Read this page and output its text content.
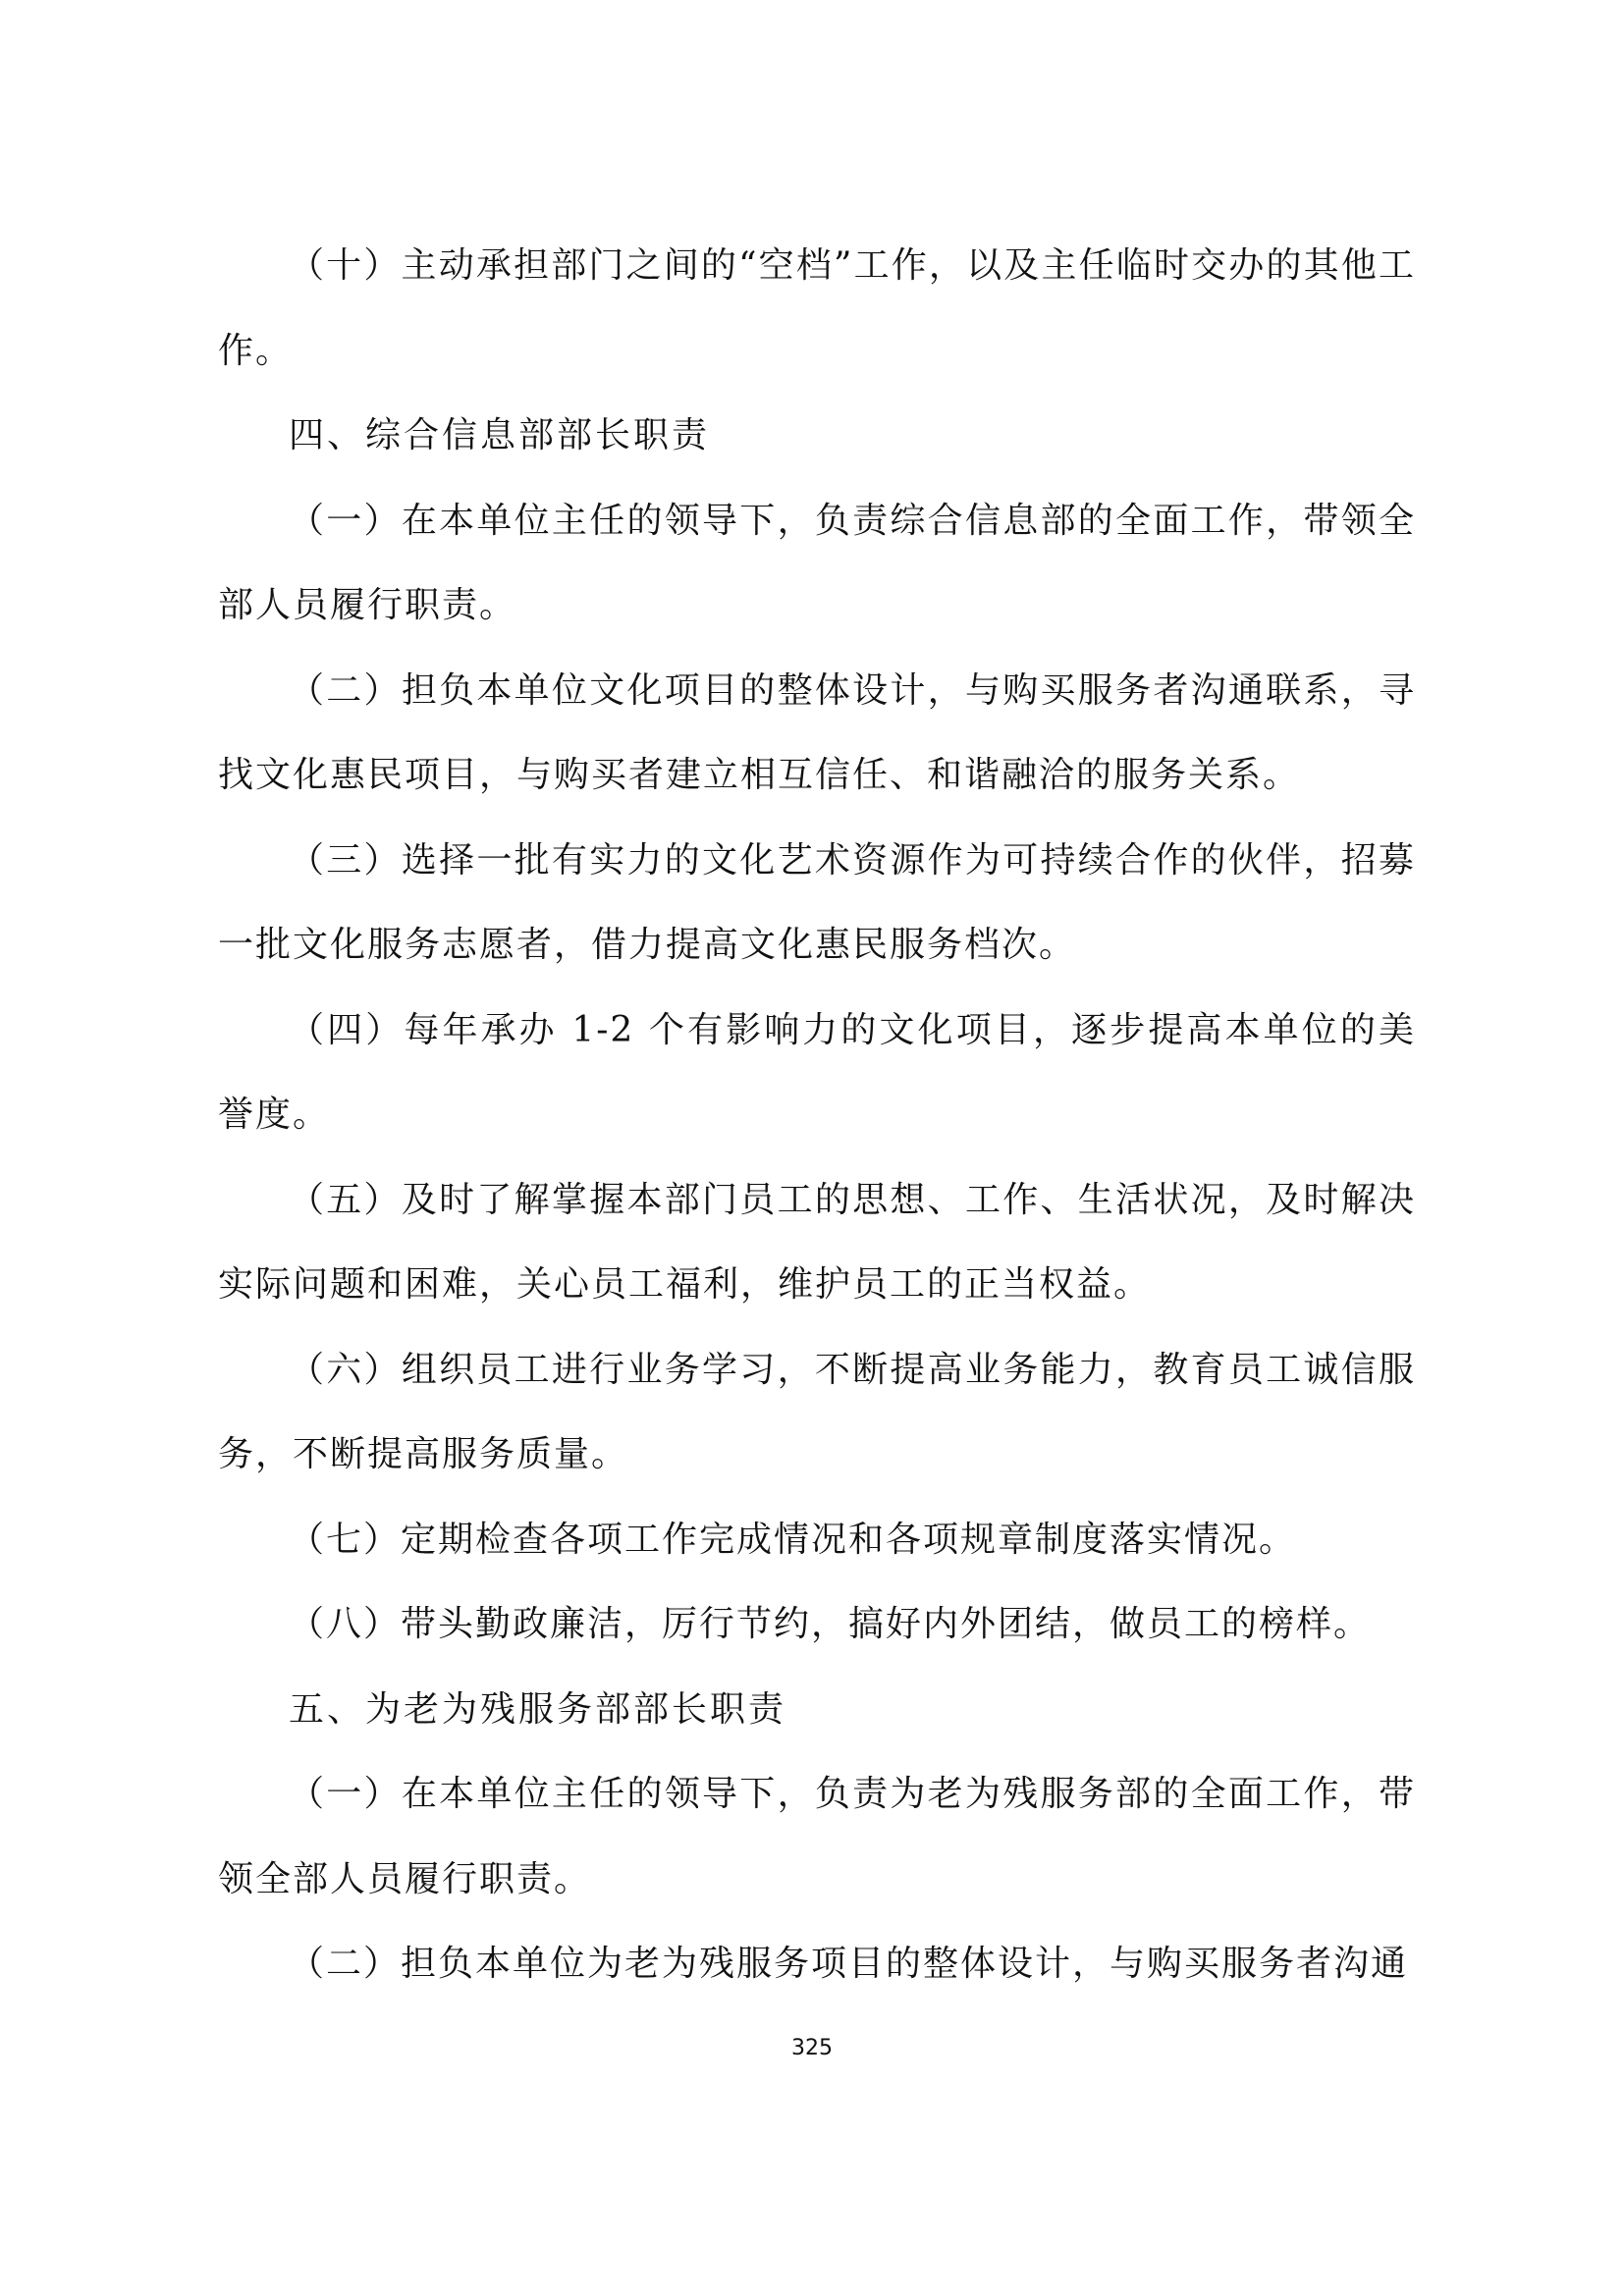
（十）主动承担部门之间的“空档”工作，以及主任临时交办的其他工作。

四、综合信息部部长职责

（一）在本单位主任的领导下，负责综合信息部的全面工作，带领全部人员履行职责。

（二）担负本单位文化项目的整体设计，与购买服务者沟通联系，寻找文化惠民项目，与购买者建立相互信任、和谐融洽的服务关系。

（三）选择一批有实力的文化艺术资源作为可持续合作的伙伴，招募一批文化服务志愿者，借力提高文化惠民服务档次。

（四）每年承办 1-2 个有影响力的文化项目，逐步提高本单位的美誉度。

（五）及时了解掌握本部门员工的思想、工作、生活状况，及时解决实际问题和困难，关心员工福利，维护员工的正当权益。

（六）组织员工进行业务学习，不断提高业务能力，教育员工诚信服务，不断提高服务质量。

（七）定期检查各项工作完成情况和各项规章制度落实情况。

（八）带头勤政廉洁，厉行节约，搞好内外团结，做员工的榜样。

五、为老为残服务部部长职责

（一）在本单位主任的领导下，负责为老为残服务部的全面工作，带领全部人员履行职责。

（二）担负本单位为老为残服务项目的整体设计，与购买服务者沟通

325
